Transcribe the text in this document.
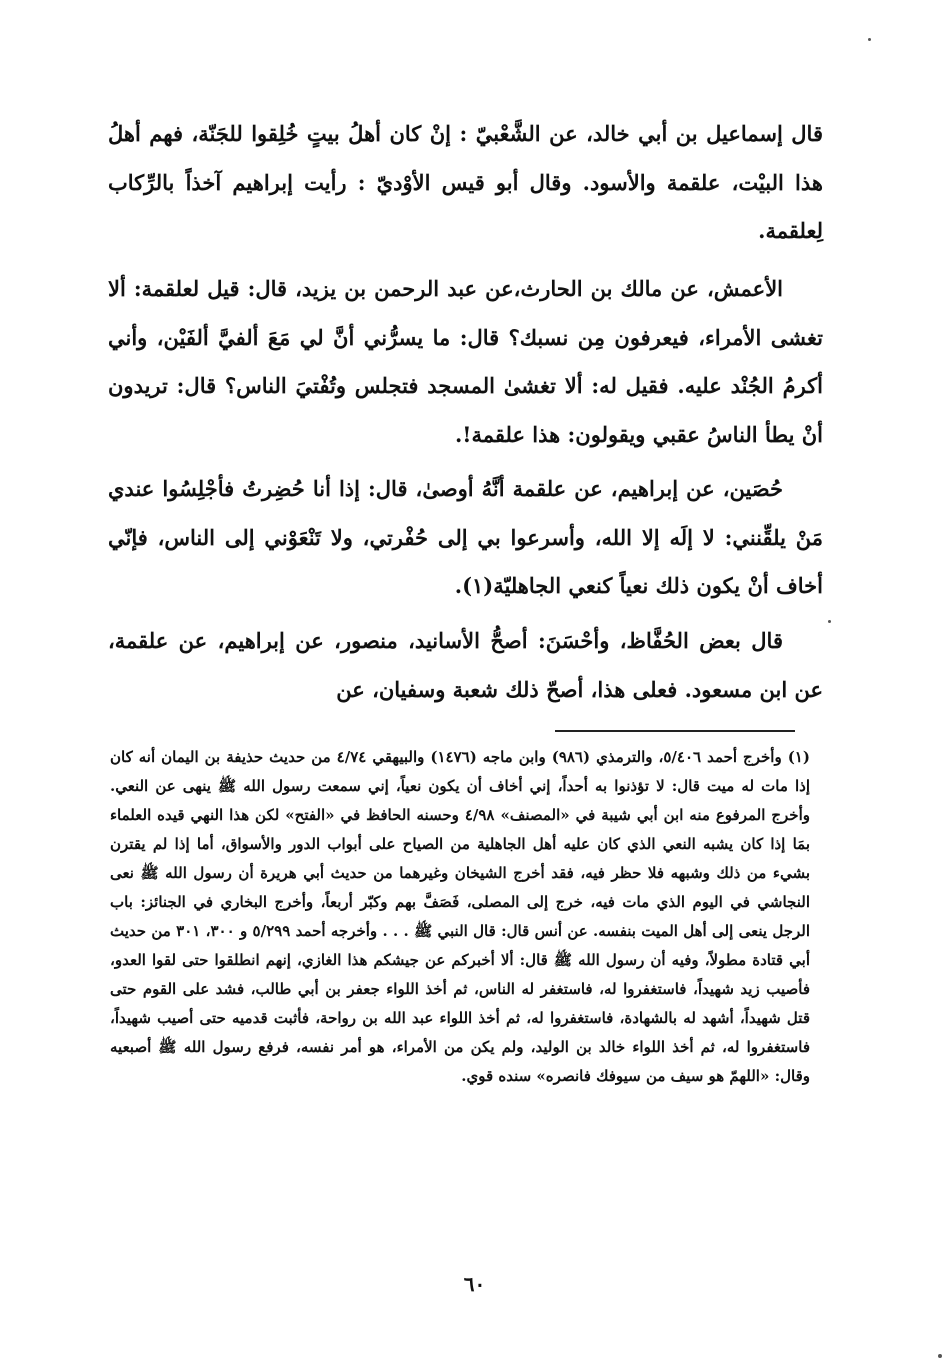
قال إسماعيل بن أبي خالد، عن الشَّعْبيّ : إنْ كان أهلُ بيتٍ خُلِقوا للجَنّة، فهم أهلُ هذا البيْت، علقمة والأسود. وقال أبو قيس الأوْديّ : رأيت إبراهيم آخذاً بالرِّكاب لِعلقمة.

الأعمش، عن مالك بن الحارث،عن عبد الرحمن بن يزيد، قال: قيل لعلقمة: ألا تغشى الأمراء، فيعرفون مِن نسبك؟ قال: ما يسرُّني أنَّ لي مَعَ ألفيَّ ألفَيْن، وأني أكرمُ الجُنْد عليه. فقيل له: ألا تغشىٰ المسجد فتجلس وتُفْتيَ الناس؟ قال: تريدون أنْ يطأ الناسُ عقبي ويقولون: هذا علقمة!.

حُصَين، عن إبراهيم، عن علقمة أنَّهُ أوصىٰ، قال: إذا أنا حُضِرتُ فأجْلِسُوا عندي مَنْ يلقِّنني: لا إلَه إلا الله، وأسرعوا بي إلى حُفْرتي، ولا تَنْعَوْني إلى الناس، فإنّي أخاف أنْ يكون ذلك نعياً كنعي الجاهليّة(١).

قال بعض الحُفَّاظ، وأحْسَنَ: أصحُّ الأسانيد، منصور، عن إبراهيم، عن علقمة، عن ابن مسعود. فعلى هذا، أصحّ ذلك شعبة وسفيان، عن

(١) وأخرج أحمد ٥/٤٠٦، والترمذي (٩٨٦) وابن ماجه (١٤٧٦) والبيهقي ٤/٧٤ من حديث حذيفة بن اليمان أنه كان إذا مات له ميت قال: لا تؤذنوا به أحداً، إني أخاف أن يكون نعياً، إني سمعت رسول الله ﷺ ينهى عن النعي. وأخرج المرفوع منه ابن أبي شيبة في «المصنف» ٤/٩٨ وحسنه الحافظ في «الفتح» لكن هذا النهي قيده العلماء بمَا إذا كان يشبه النعي الذي كان عليه أهل الجاهلية من الصياح على أبواب الدور والأسواق، أما إذا لم يقترن بشيء من ذلك وشبهه فلا حظر فيه، فقد أخرج الشيخان وغيرهما من حديث أبي هريرة أن رسول الله ﷺ نعى النجاشي في اليوم الذي مات فيه، خرج إلى المصلى، فَصَفَّ بهم وكبّر أربعاً، وأخرج البخاري في الجنائز: باب الرجل ينعى إلى أهل الميت بنفسه. عن أنس قال: قال النبي ﷺ . . . وأخرجه أحمد ٥/٢٩٩ و ٣٠٠، ٣٠١ من حديث أبي قتادة مطولاً، وفيه أن رسول الله ﷺ قال: ألا أخبركم عن جيشكم هذا الغازي، إنهم انطلقوا حتى لقوا العدو، فأصيب زيد شهيداً، فاستغفروا له، فاستغفر له الناس، ثم أخذ اللواء جعفر بن أبي طالب، فشد على القوم حتى قتل شهيداً، أشهد له بالشهادة، فاستغفروا له، ثم أخذ اللواء عبد الله بن رواحة، فأثبت قدميه حتى أصيب شهيداً، فاستغفروا له، ثم أخذ اللواء خالد بن الوليد، ولم يكن من الأمراء، هو أمر نفسه، فرفع رسول الله ﷺ أصبعيه وقال: «اللهمّ هو سيف من سيوفك فانصره» سنده قوي.

٦٠
